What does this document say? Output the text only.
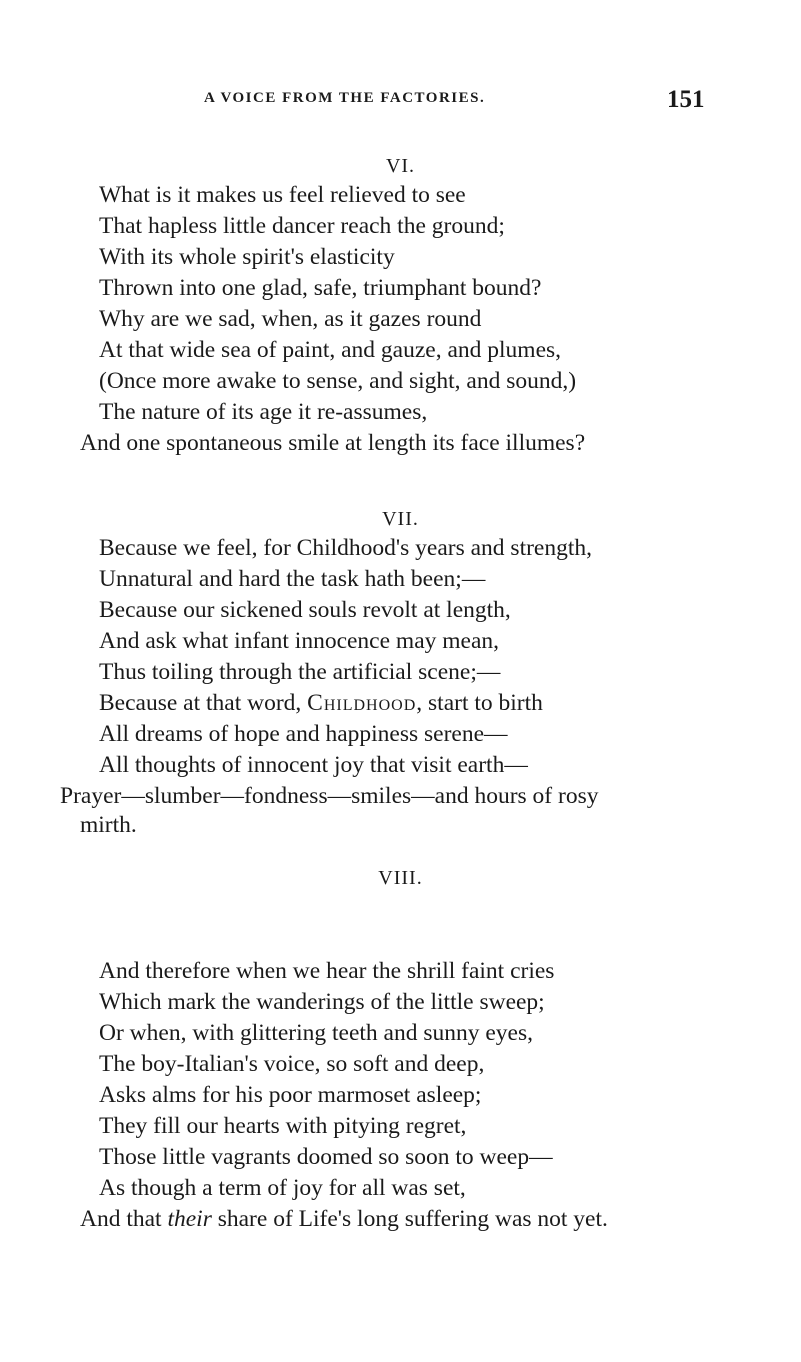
A VOICE FROM THE FACTORIES.	151
VI.
What is it makes us feel relieved to see
That hapless little dancer reach the ground;
With its whole spirit's elasticity
Thrown into one glad, safe, triumphant bound?
Why are we sad, when, as it gazes round
At that wide sea of paint, and gauze, and plumes,
(Once more awake to sense, and sight, and sound,)
The nature of its age it re-assumes,
And one spontaneous smile at length its face illumes?
VII.
Because we feel, for Childhood's years and strength,
Unnatural and hard the task hath been;—
Because our sickened souls revolt at length,
And ask what infant innocence may mean,
Thus toiling through the artificial scene;—
Because at that word, Childhood, start to birth
All dreams of hope and happiness serene—
All thoughts of innocent joy that visit earth—
Prayer—slumber—fondness—smiles—and hours of rosy
mirth.
VIII.
And therefore when we hear the shrill faint cries
Which mark the wanderings of the little sweep;
Or when, with glittering teeth and sunny eyes,
The boy-Italian's voice, so soft and deep,
Asks alms for his poor marmoset asleep;
They fill our hearts with pitying regret,
Those little vagrants doomed so soon to weep—
As though a term of joy for all was set,
And that their share of Life's long suffering was not yet.
